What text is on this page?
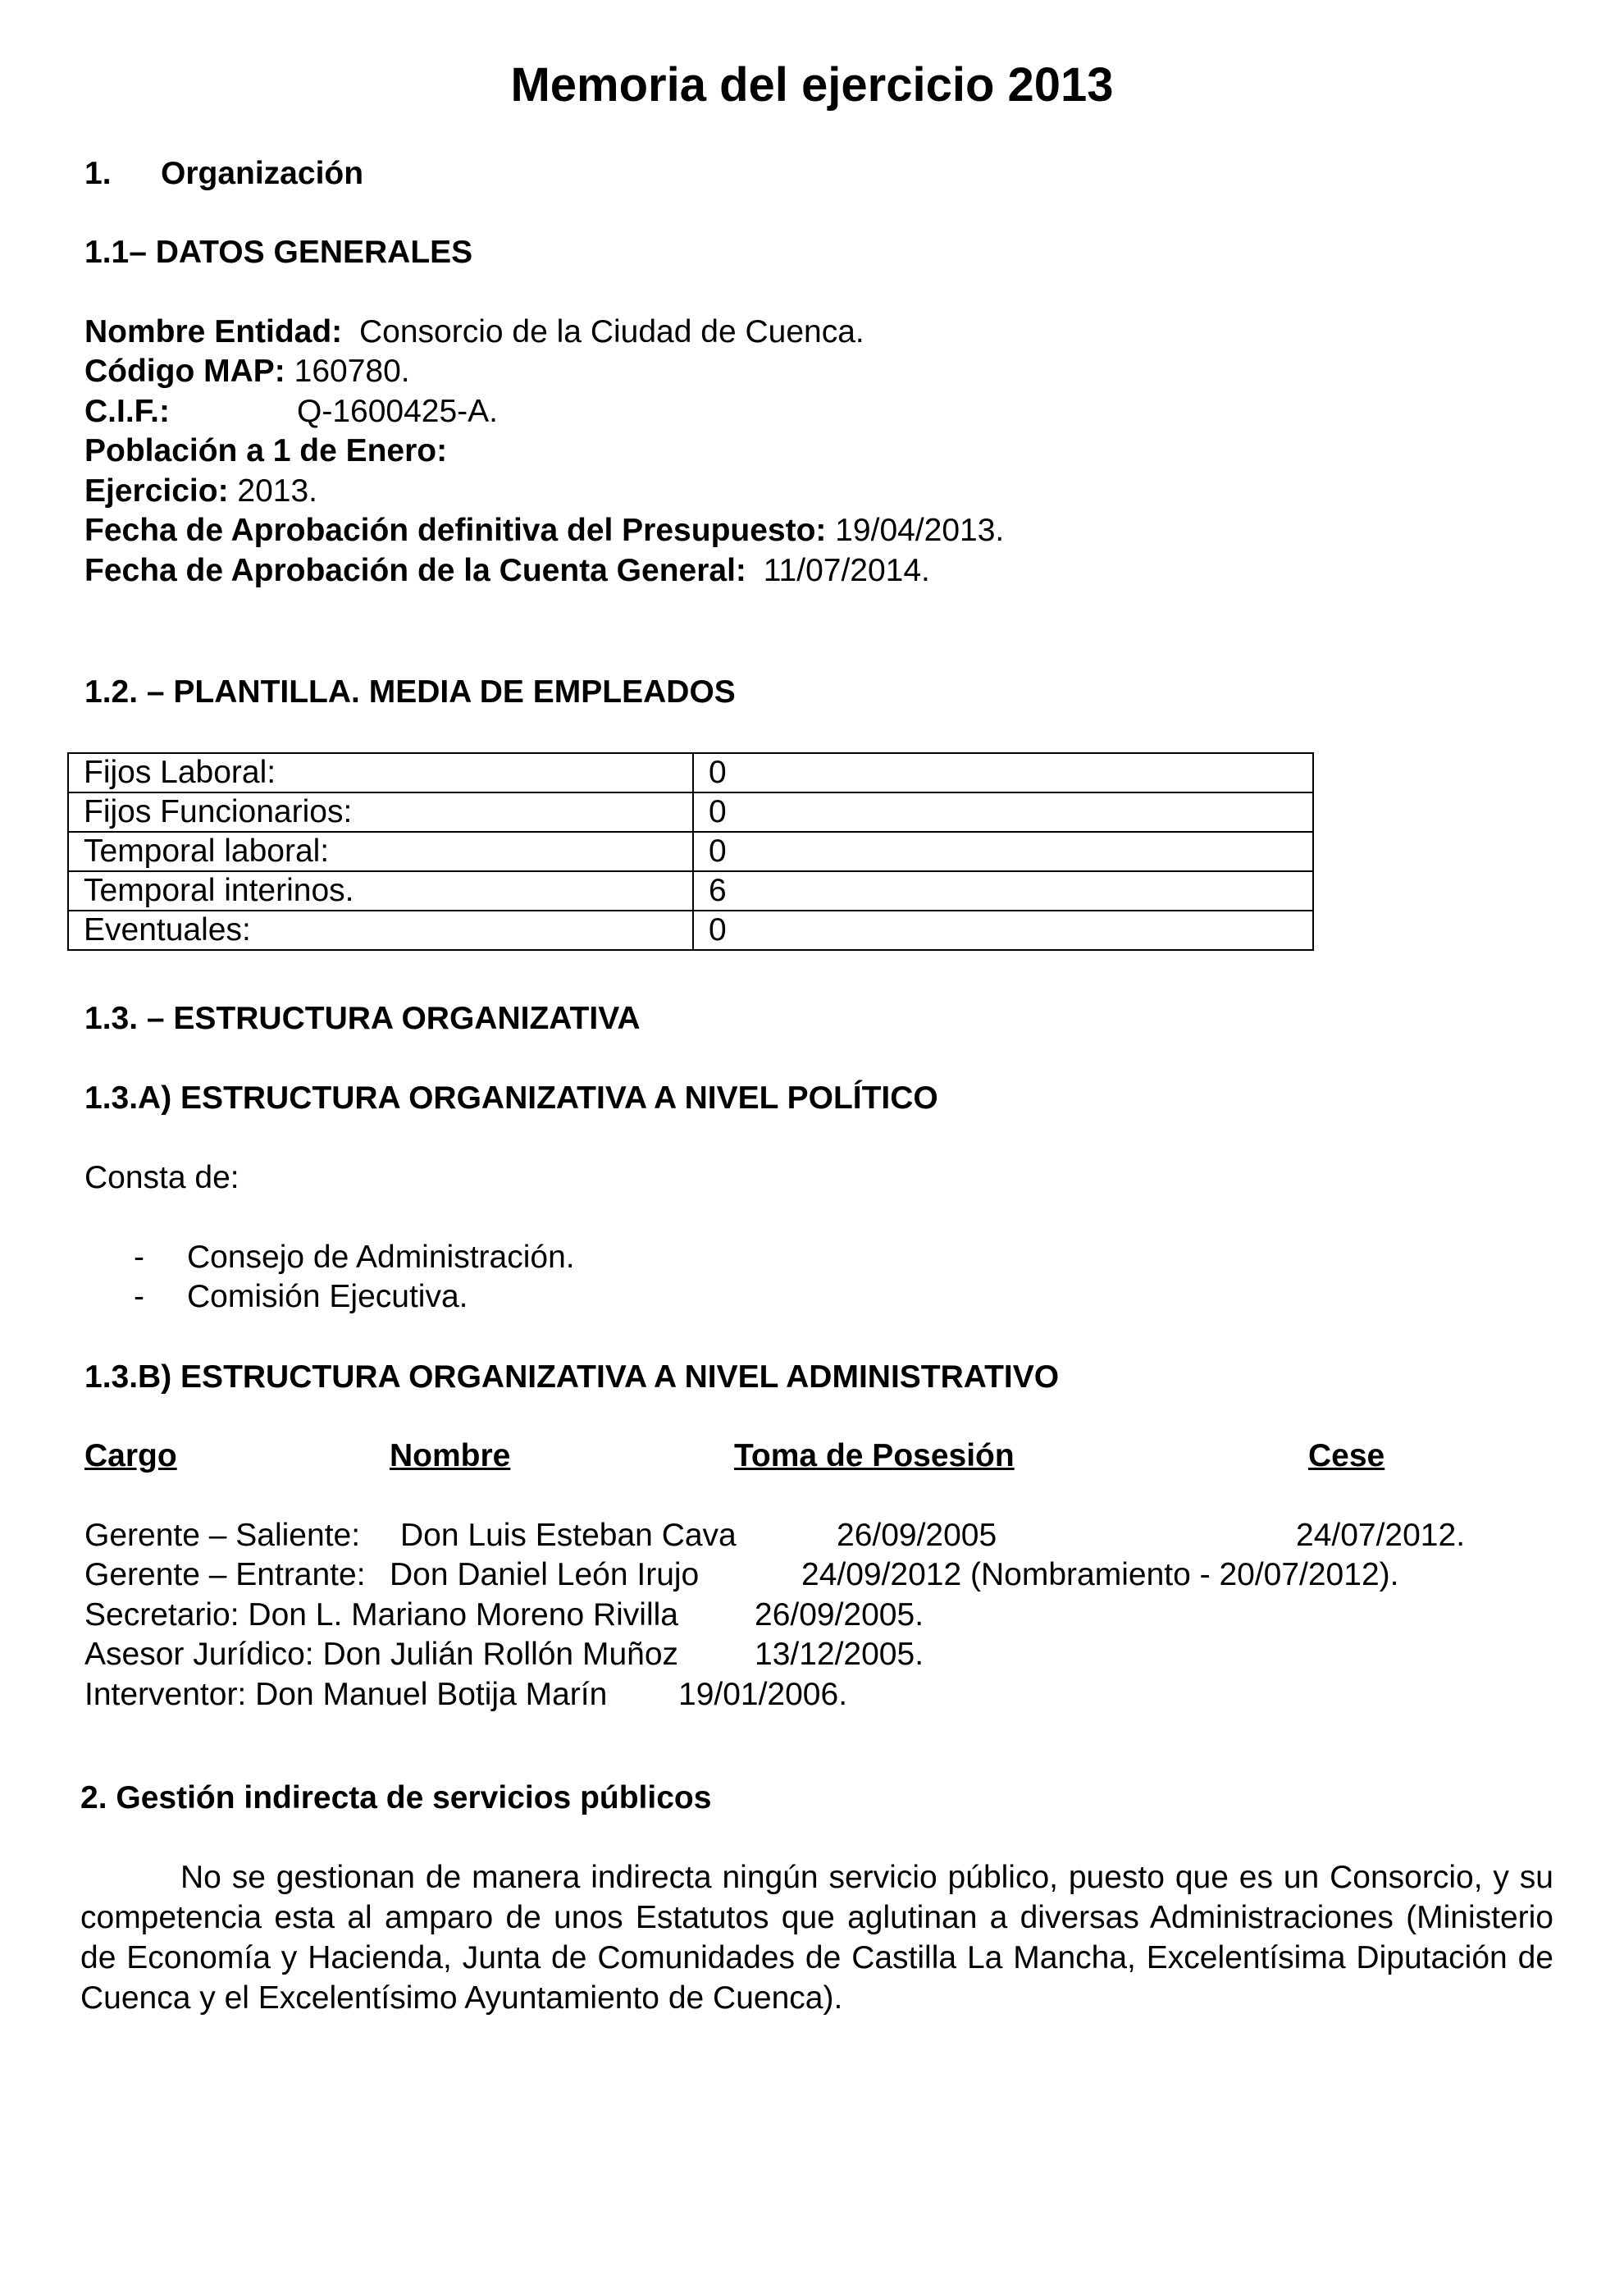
Memoria del ejercicio 2013
1. Organización
1.1– DATOS GENERALES
Nombre Entidad: Consorcio de la Ciudad de Cuenca.
Código MAP: 160780.
C.I.F.:	Q-1600425-A.
Población a 1 de Enero:
Ejercicio: 2013.
Fecha de Aprobación definitiva del Presupuesto: 19/04/2013.
Fecha de Aprobación de la Cuenta General: 11/07/2014.
1.2. – PLANTILLA. MEDIA DE EMPLEADOS
Fijos Laboral:	0
Fijos Funcionarios:	0
Temporal laboral:	0
Temporal interinos.	6
Eventuales:	0
1.3. – ESTRUCTURA ORGANIZATIVA
1.3.A) ESTRUCTURA ORGANIZATIVA A NIVEL POLÍTICO
Consta de:
- Consejo de Administración.
- Comisión Ejecutiva.
1.3.B) ESTRUCTURA ORGANIZATIVA A NIVEL ADMINISTRATIVO
Cargo	Nombre	Toma de Posesión	Cese
Gerente – Saliente: Don Luis Esteban Cava	26/09/2005	24/07/2012.
Gerente – Entrante: Don Daniel León Irujo	24/09/2012 (Nombramiento - 20/07/2012).
Secretario: Don L. Mariano Moreno Rivilla 26/09/2005.
Asesor Jurídico: Don Julián Rollón Muñoz 13/12/2005.
Interventor: Don Manuel Botija Marín 19/01/2006.
2. Gestión indirecta de servicios públicos
No se gestionan de manera indirecta ningún servicio público, puesto que es un Consorcio, y su competencia esta al amparo de unos Estatutos que aglutinan a diversas Administraciones (Ministerio de Economía y Hacienda, Junta de Comunidades de Castilla La Mancha, Excelentísima Diputación de Cuenca y el Excelentísimo Ayuntamiento de Cuenca).
